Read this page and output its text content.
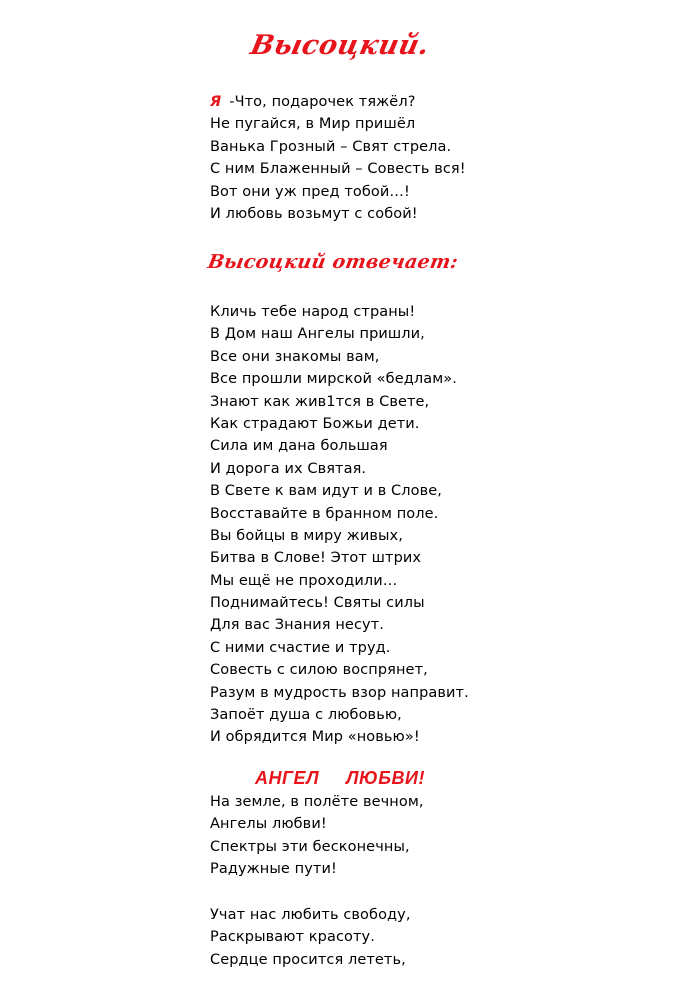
Высоцкий.
Я -Что, подарочек тяжёл?
Не пугайся, в Мир пришёл
Ванька Грозный – Свят стрела.
С ним Блаженный – Совесть вся!
Вот они уж пред тобой…!
И любовь возьмут с собой!
Высоцкий отвечает:
Кличь тебе народ страны!
В Дом наш Ангелы пришли,
Все они знакомы вам,
Все прошли мирской «бедлам».
Знают как жив1тся в Свете,
Как страдают Божьи дети.
Сила им дана большая
И дорога их Святая.
В Свете к вам идут и в Слове,
Восставайте в бранном поле.
Вы бойцы в миру живых,
Битва в Слове! Этот штрих
Мы ещё не проходили…
Поднимайтесь! Святы силы
Для вас Знания несут.
С ними счастие и труд.
Совесть с силою воспрянет,
Разум в мудрость взор направит.
Запоёт душа с любовью,
И обрядится Мир «новью»!
АНГЕЛ  ЛЮБВИ!
На земле, в полёте вечном,
Ангелы любви!
Спектры эти бесконечны,
Радужные пути!
Учат нас любить свободу,
Раскрывают красоту.
Сердце просится лететь,
